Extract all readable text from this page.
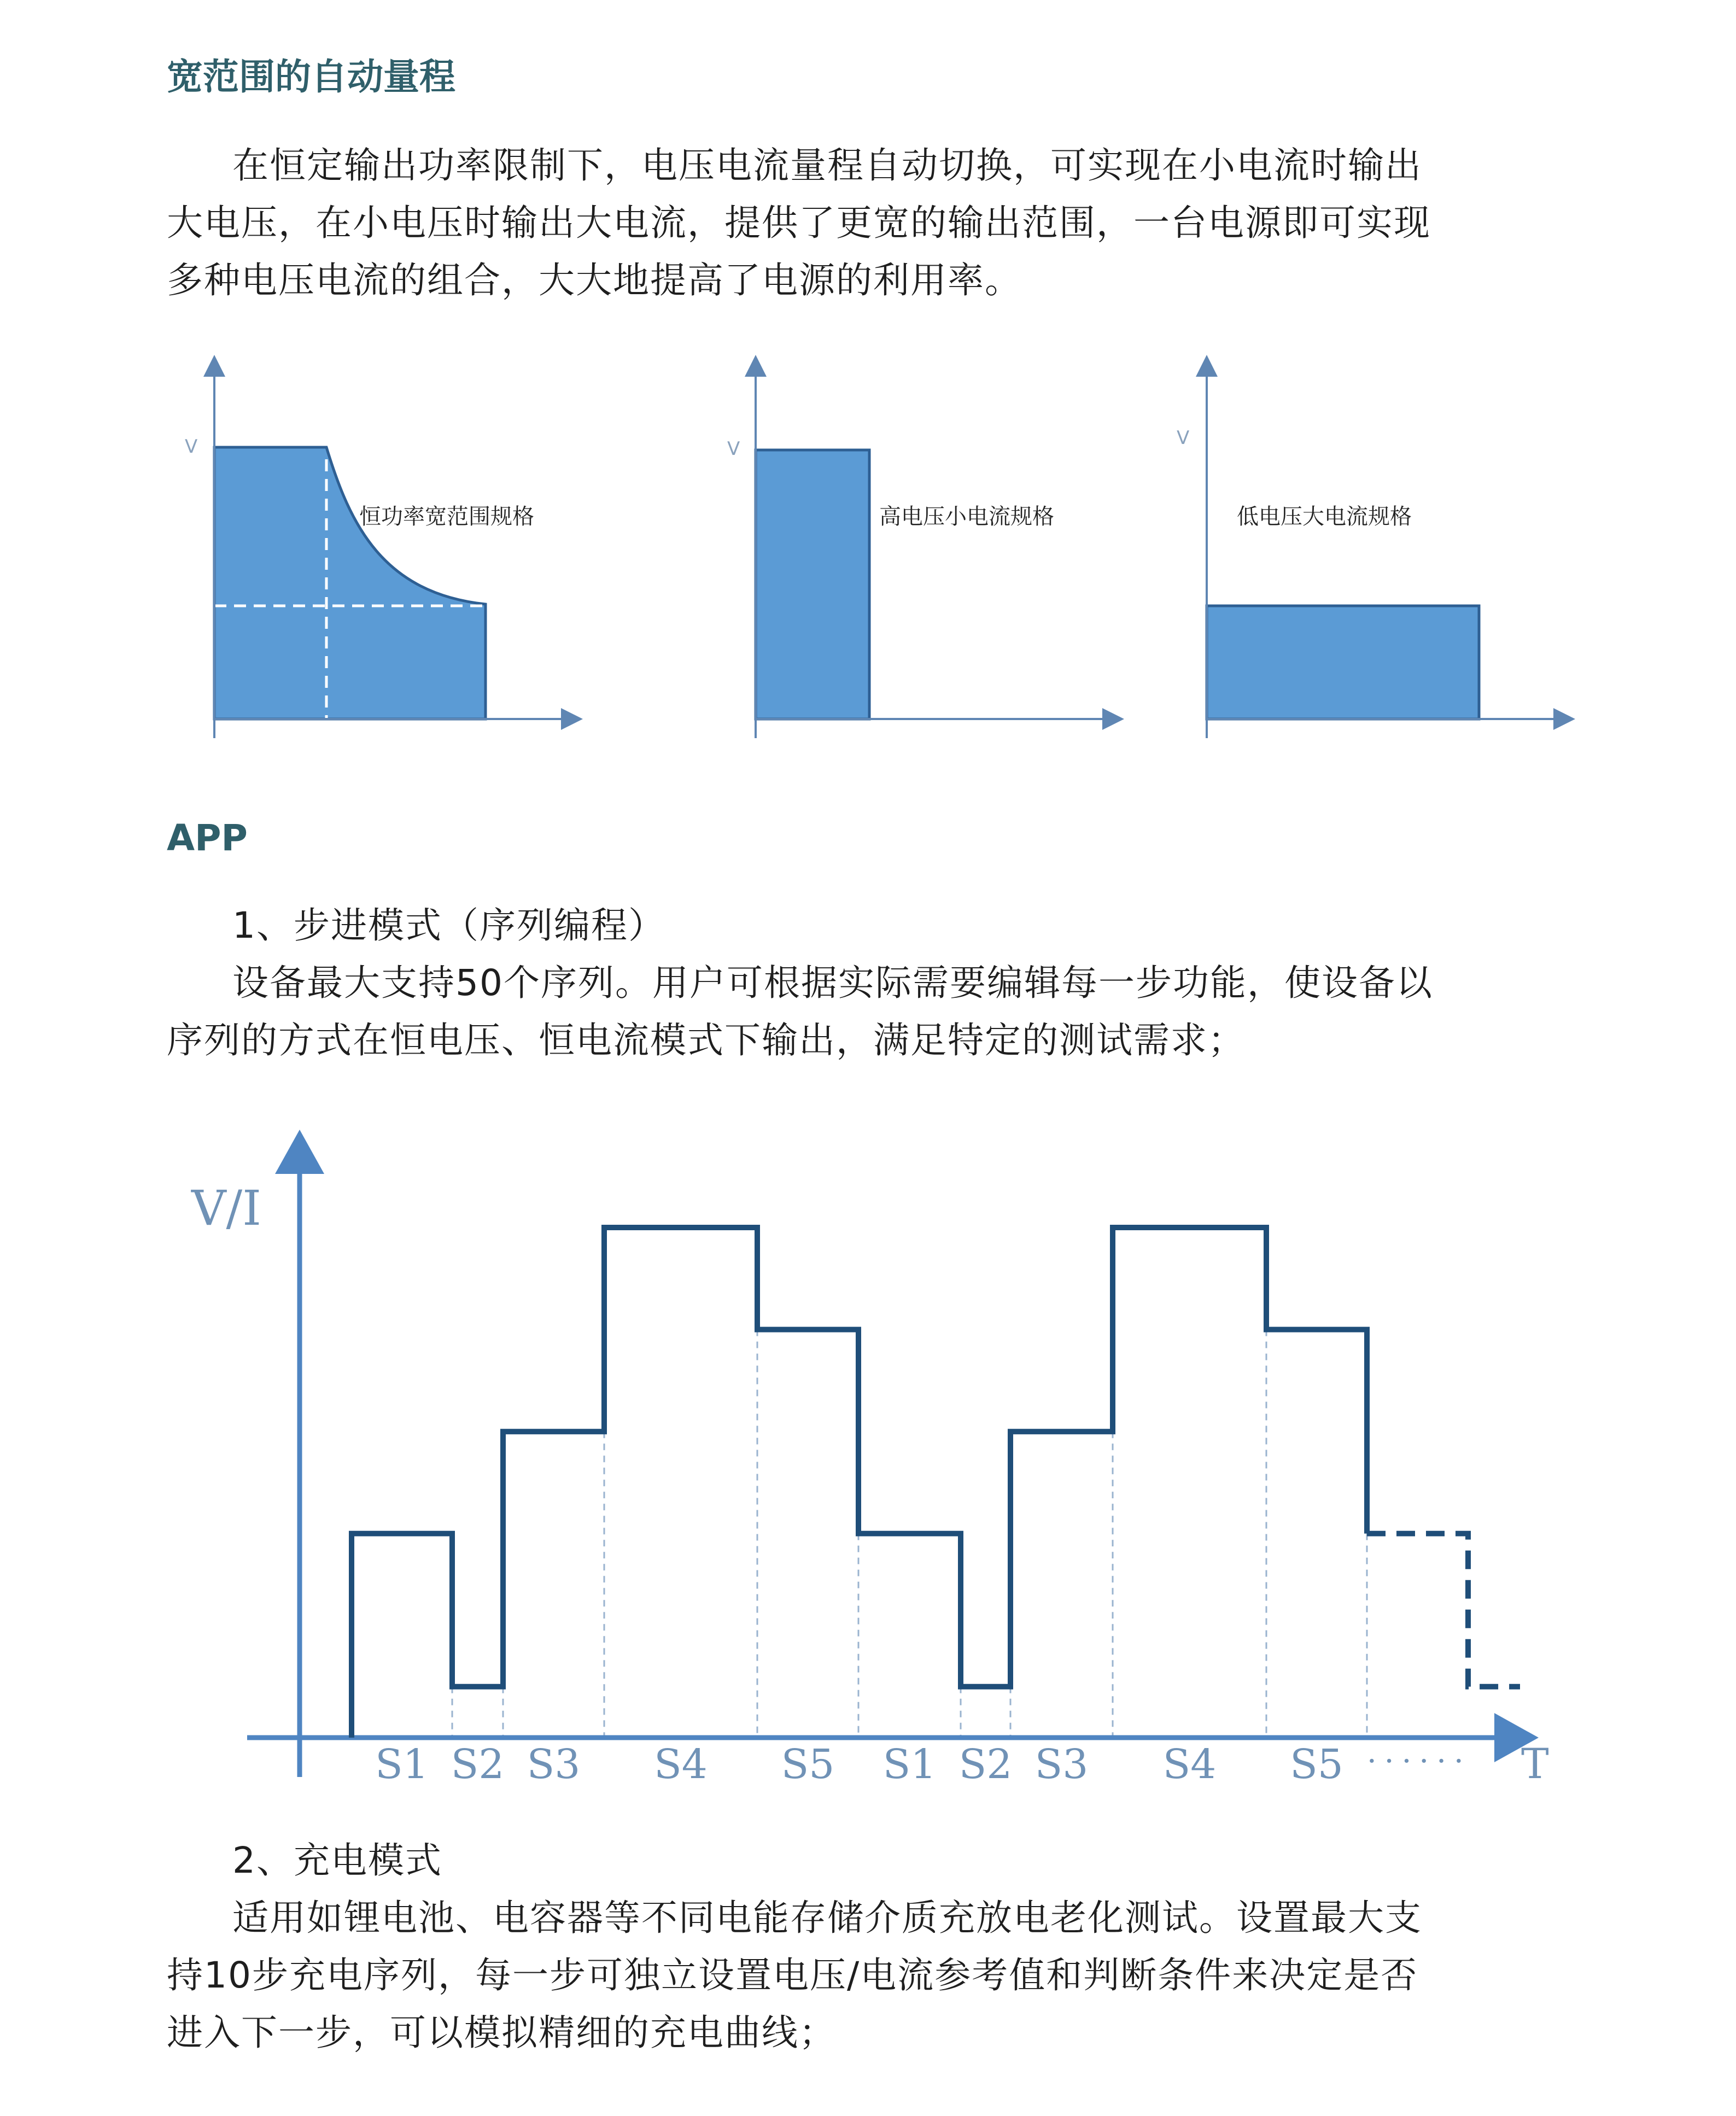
宽范围的自动量程
在恒定输出功率限制下，电压电流量程自动切换，可实现在小电流时输出
大电压，在小电压时输出大电流，提供了更宽的输出范围，一台电源即可实现
多种电压电流的组合，大大地提高了电源的利用率。
V
恒功率宽范围规格
V
高电压小电流规格
V
低电压大电流规格
APP
1、步进模式（序列编程）
设备最大支持50个序列。用户可根据实际需要编辑每一步功能，使设备以
序列的方式在恒电压、恒电流模式下输出，满足特定的测试需求；
V/I
T
······
S1 S2 S3 S4 S5 S1 S2 S3 S4 S5
2、充电模式
适用如锂电池、电容器等不同电能存储介质充放电老化测试。设置最大支
持10步充电序列，每一步可独立设置电压/电流参考值和判断条件来决定是否
进入下一步，可以模拟精细的充电曲线；
